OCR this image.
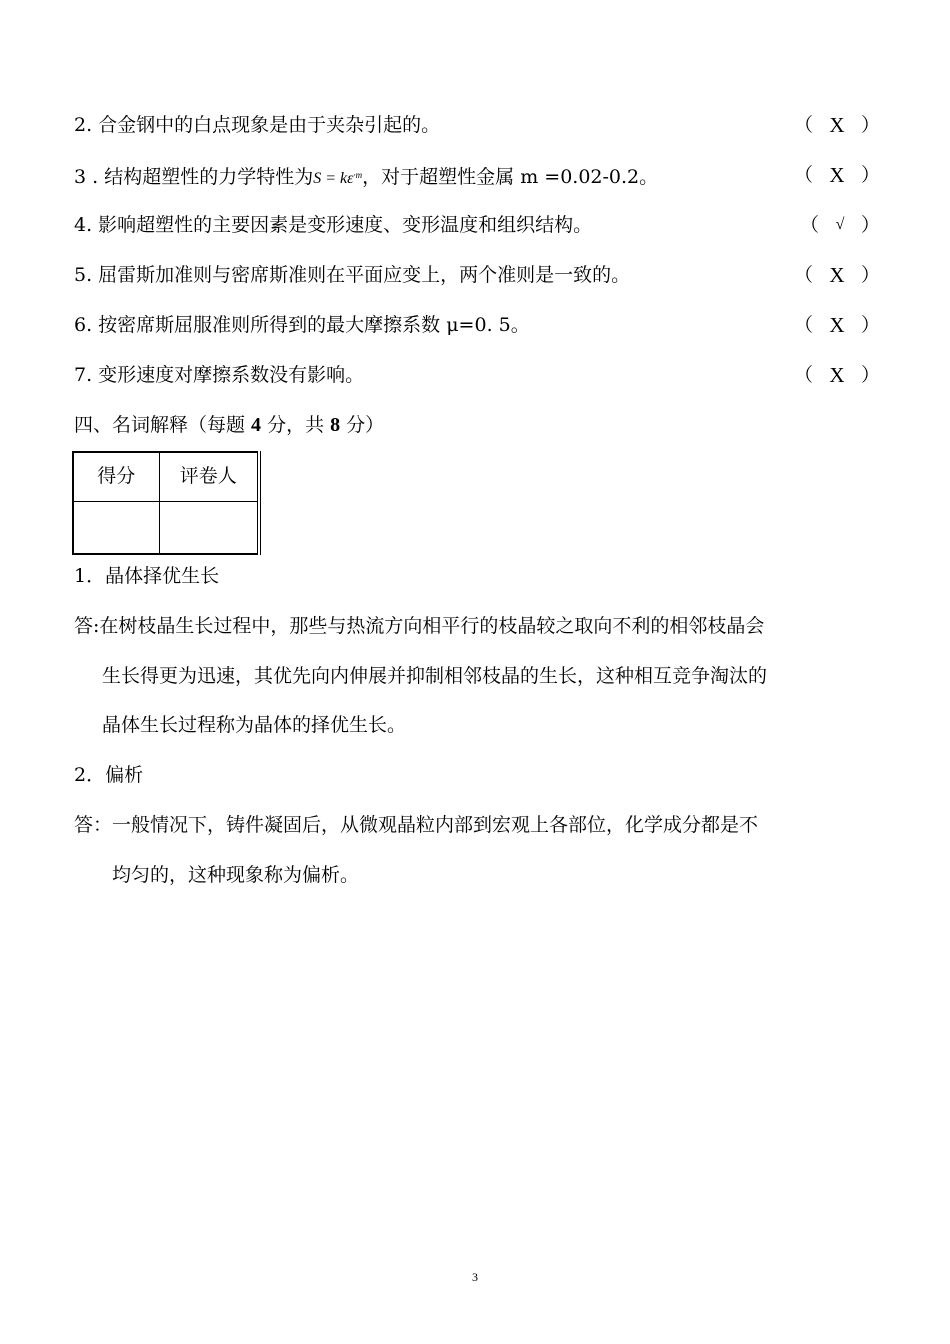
2. 合金钢中的白点现象是由于夹杂引起的。	（ X ）
3 . 结构超塑性的力学特性为$S = k\varepsilon^{\cdot m}$，对于超塑性金属 m =0.02-0.2。	（ X ）
4. 影响超塑性的主要因素是变形速度、变形温度和组织结构。	（	√ ）
5. 屈雷斯加准则与密席斯准则在平面应变上，两个准则是一致的。	（ X ）
6. 按密席斯屈服准则所得到的最大摩擦系数 μ=0. 5。	（ X ）
7. 变形速度对摩擦系数没有影响。	（ X ）
四、名词解释（每题 4 分，共 8 分）
得分	评卷人

1．晶体择优生长
答:在树枝晶生长过程中，那些与热流方向相平行的枝晶较之取向不利的相邻枝晶会
生长得更为迅速，其优先向内伸展并抑制相邻枝晶的生长，这种相互竞争淘汰的
晶体生长过程称为晶体的择优生长。
2．偏析
答：一般情况下，铸件凝固后，从微观晶粒内部到宏观上各部位，化学成分都是不
均匀的，这种现象称为偏析。
3
